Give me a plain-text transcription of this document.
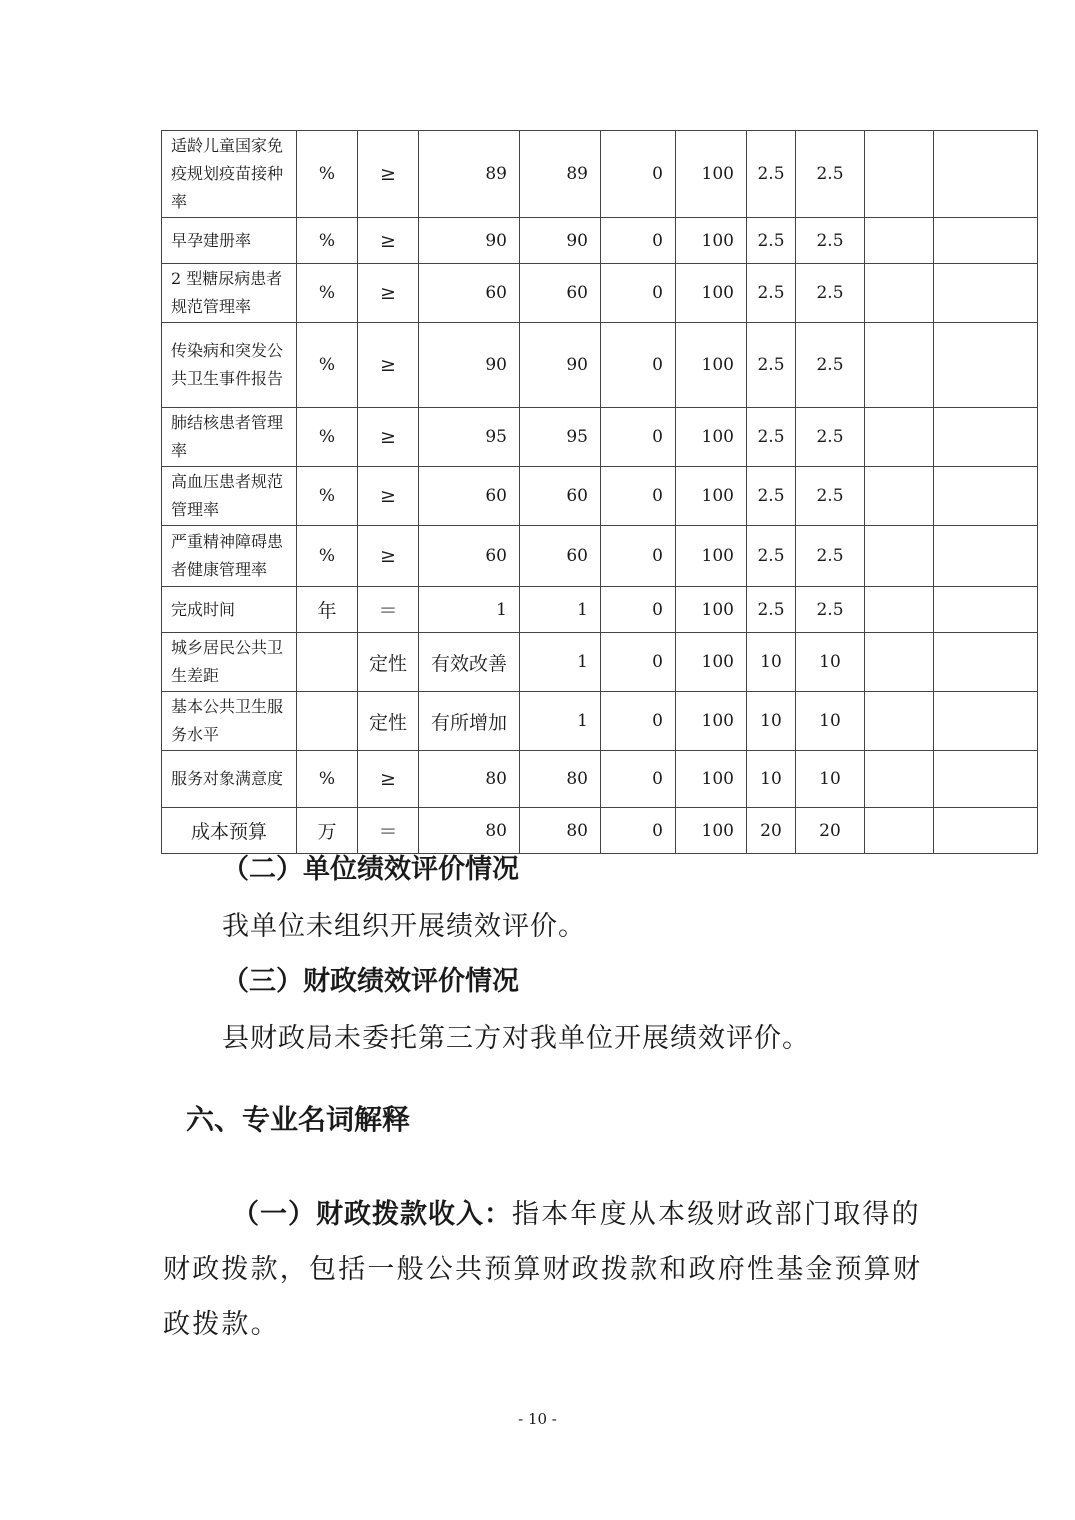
适龄儿童国家免疫规划疫苗接种率	%	≥	89	89	0	100	2.5	2.5		
早孕建册率	%	≥	90	90	0	100	2.5	2.5		
2 型糖尿病患者规范管理率	%	≥	60	60	0	100	2.5	2.5		
传染病和突发公共卫生事件报告	%	≥	90	90	0	100	2.5	2.5		
肺结核患者管理率	%	≥	95	95	0	100	2.5	2.5		
高血压患者规范管理率	%	≥	60	60	0	100	2.5	2.5		
严重精神障碍患者健康管理率	%	≥	60	60	0	100	2.5	2.5		
完成时间	年	＝	1	1	0	100	2.5	2.5		
城乡居民公共卫生差距		定性	有效改善	1	0	100	10	10		
基本公共卫生服务水平		定性	有所增加	1	0	100	10	10		
服务对象满意度	%	≥	80	80	0	100	10	10		
成本预算	万	＝	80	80	0	100	20	20		
（二）单位绩效评价情况
我单位未组织开展绩效评价。
（三）财政绩效评价情况
县财政局未委托第三方对我单位开展绩效评价。
六、专业名词解释
（一）财政拨款收入：指本年度从本级财政部门取得的
财政拨款，包括一般公共预算财政拨款和政府性基金预算财
政拨款。
- 10 -
